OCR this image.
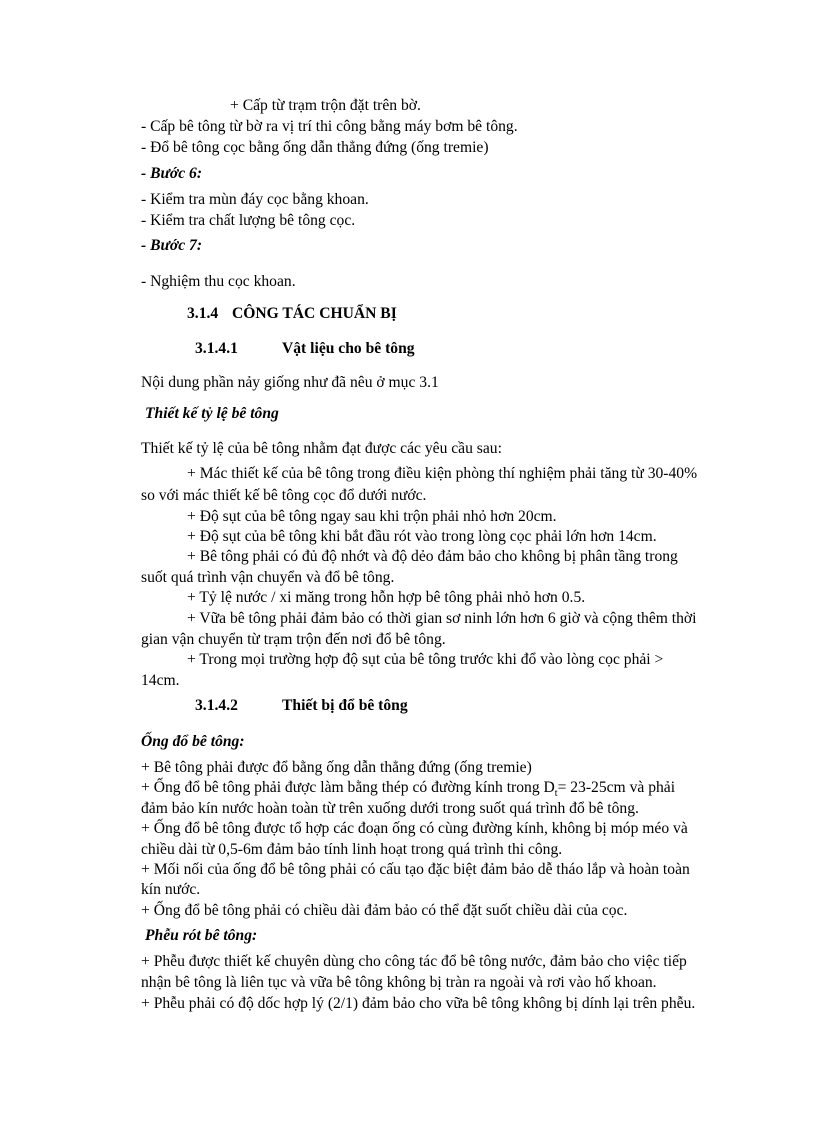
+ Cấp từ trạm trộn đặt trên bờ.
- Cấp bê tông từ bờ ra vị trí thi công bằng máy bơm bê tông.
- Đổ bê tông cọc bằng ống dẫn thẳng đứng (ống tremie)
- Bước 6:
- Kiểm tra mùn đáy cọc bằng khoan.
- Kiểm tra chất lượng bê tông cọc.
- Bước 7:
- Nghiệm thu cọc khoan.
3.1.4 CÔNG TÁC CHUẨN BỊ
3.1.4.1	Vật liệu cho bê tông
Nội dung phần nảy giống như đã nêu ở mục 3.1
Thiết kế tỷ lệ bê tông
Thiết kế tỷ lệ của bê tông nhằm đạt được các yêu cầu sau:
+ Mác thiết kế của bê tông trong điều kiện phòng thí nghiệm phải tăng từ 30-40%
so với mác thiết kế bê tông cọc đổ dưới nước.
+ Độ sụt của bê tông ngay sau khi trộn phải nhỏ hơn 20cm.
+ Độ sụt của bê tông khi bắt đầu rót vào trong lòng cọc phải lớn hơn 14cm.
+ Bê tông phải có đủ độ nhớt và độ dẻo đảm bảo cho không bị phân tầng trong
suốt quá trình vận chuyển và đổ bê tông.
+ Tỷ lệ nước / xi măng trong hỗn hợp bê tông phải nhỏ hơn 0.5.
+ Vữa bê tông phải đảm bảo có thời gian sơ ninh lớn hơn 6 giờ và cộng thêm thời
gian vận chuyển từ trạm trộn đến nơi đổ bê tông.
+ Trong mọi trường hợp độ sụt của bê tông trước khi đổ vào lòng cọc phải >
14cm.
3.1.4.2	Thiết bị đổ bê tông
Ống đổ bê tông:
+ Bê tông phải được đổ bằng ống dẫn thẳng đứng (ống tremie)
+ Ống đổ bê tông phải được làm bằng thép có đường kính trong $D_t= 23-25cm$ và phải
đảm bảo kín nước hoàn toàn từ trên xuống dưới trong suốt quá trình đổ bê tông.
+ Ống đổ bê tông được tổ hợp các đoạn ống có cùng đường kính, không bị móp méo và
chiều dài từ 0,5-6m đảm bảo tính linh hoạt trong quá trình thi công.
+ Mối nối của ống đổ bê tông phải có cấu tạo đặc biệt đảm bảo dễ tháo lắp và hoàn toàn
kín nước.
+ Ống đổ bê tông phải có chiều dài đảm bảo có thể đặt suốt chiều dài của cọc.
Phễu rót bê tông:
+ Phễu được thiết kế chuyên dùng cho công tác đổ bê tông nước, đảm bảo cho việc tiếp
nhận bê tông là liên tục và vữa bê tông không bị tràn ra ngoài và rơi vào hố khoan.
+ Phễu phải có độ dốc hợp lý (2/1) đảm bảo cho vữa bê tông không bị dính lại trên phễu.
